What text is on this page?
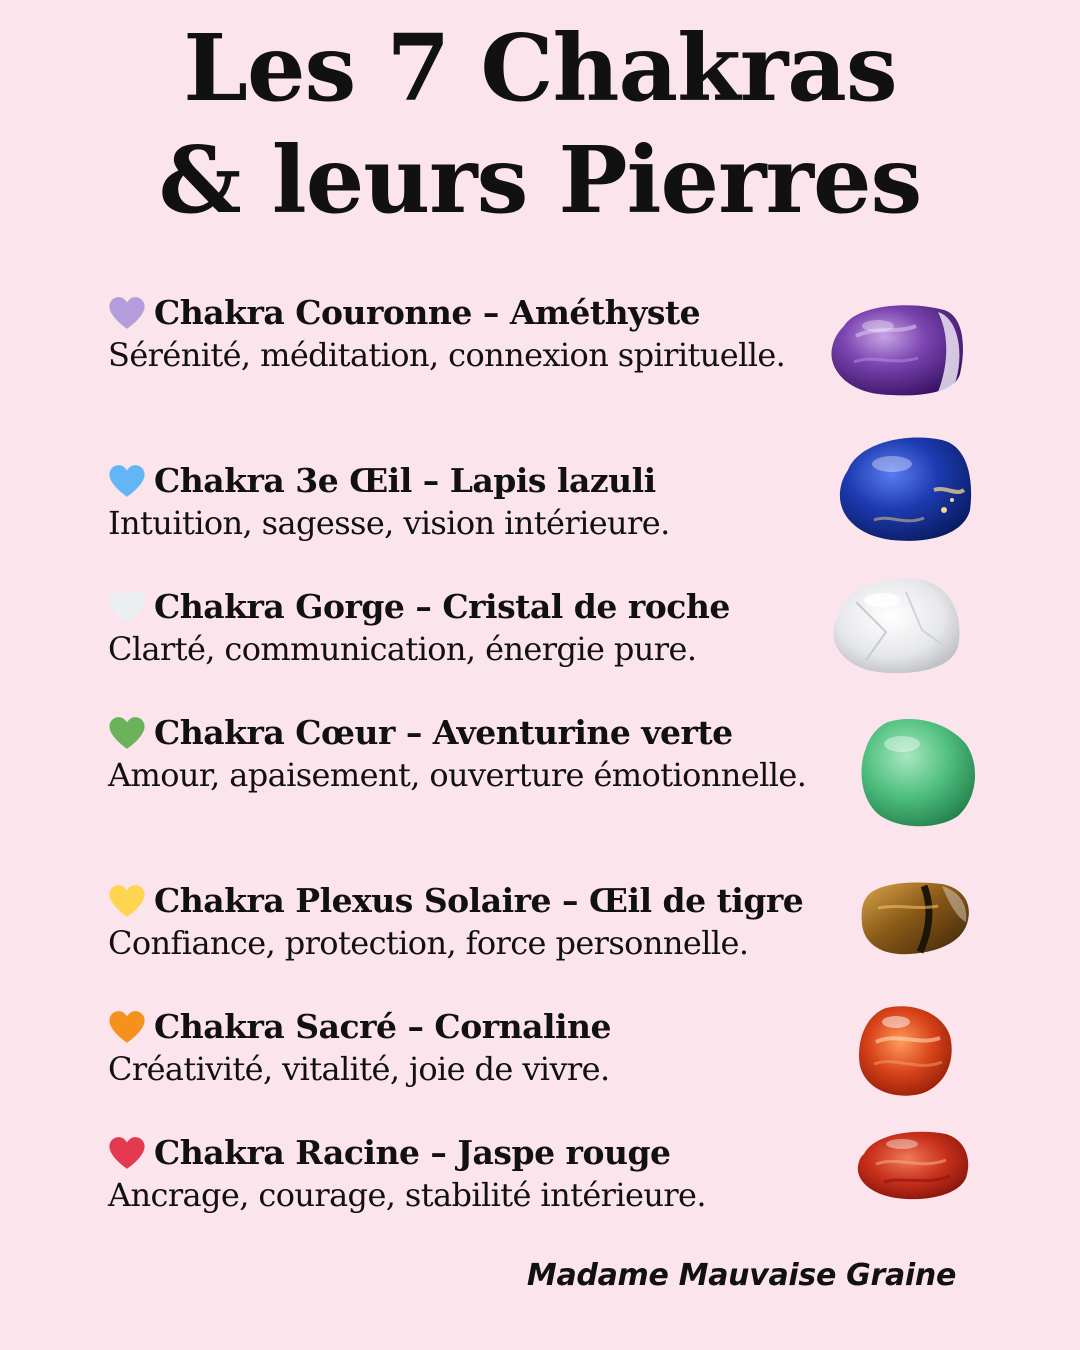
Les 7 Chakras
& leurs Pierres
Chakra Couronne – Améthyste
Sérénité, méditation, connexion spirituelle.
Chakra 3e Œil – Lapis lazuli
Intuition, sagesse, vision intérieure.
Chakra Gorge – Cristal de roche
Clarté, communication, énergie pure.
Chakra Cœur – Aventurine verte
Amour, apaisement, ouverture émotionnelle.
Chakra Plexus Solaire – Œil de tigre
Confiance, protection, force personnelle.
Chakra Sacré – Cornaline
Créativité, vitalité, joie de vivre.
Chakra Racine – Jaspe rouge
Ancrage, courage, stabilité intérieure.
Madame Mauvaise Graine
